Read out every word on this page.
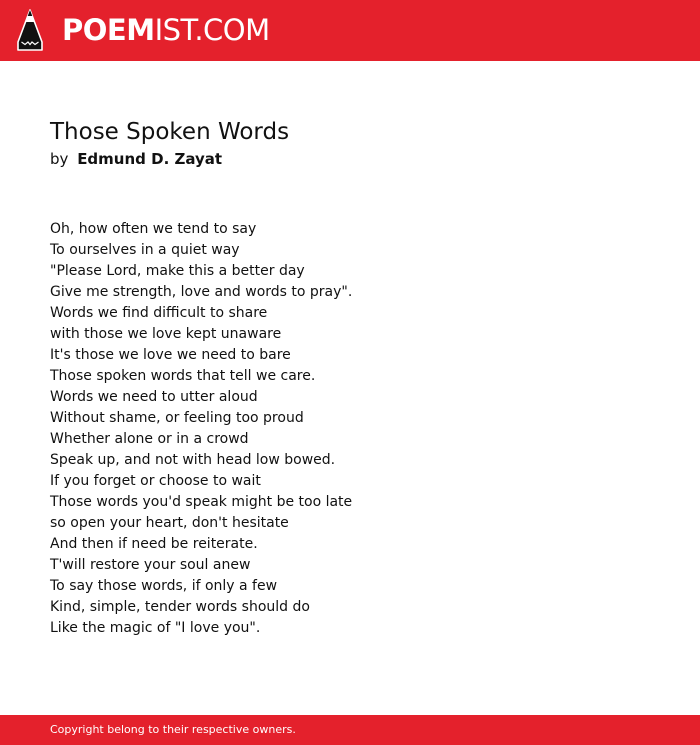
POEMIST.COM
Those Spoken Words

by Edmund D. Zayat

Oh, how often we tend to say
To ourselves in a quiet way
"Please Lord, make this a better day
Give me strength, love and words to pray".
Words we find difficult to share
with those we love kept unaware
It's those we love we need to bare
Those spoken words that tell we care.
Words we need to utter aloud
Without shame, or feeling too proud
Whether alone or in a crowd
Speak up, and not with head low bowed.
If you forget or choose to wait
Those words you'd speak might be too late
so open your heart, don't hesitate
And then if need be reiterate.
T'will restore your soul anew
To say those words, if only a few
Kind, simple, tender words should do
Like the magic of "I love you".
Copyright belong to their respective owners.
